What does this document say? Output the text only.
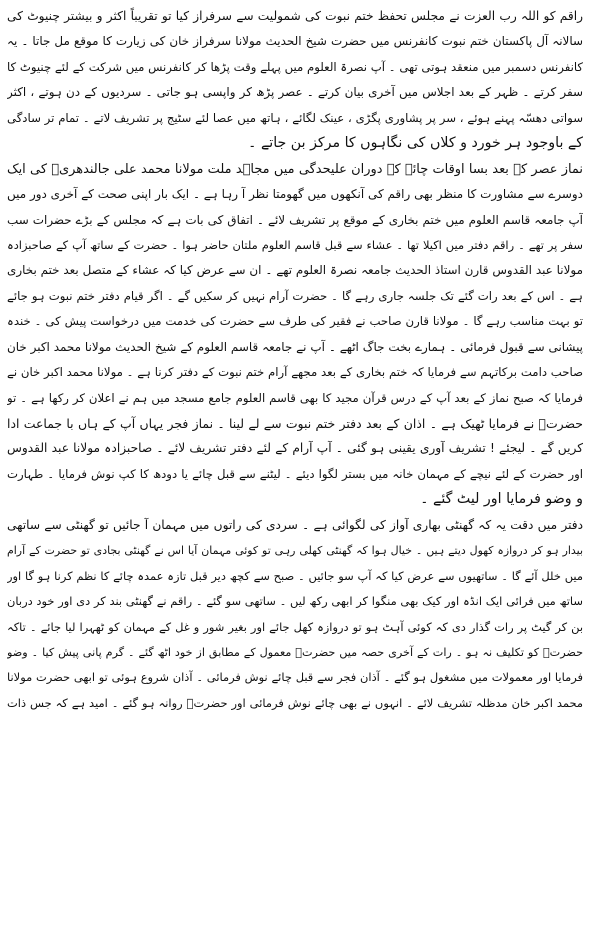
راقم کو اللہ رب العزت نے مجلس تحفظ ختم نبوت کی شمولیت سے سرفراز کیا تو تقریباً اکثر و بیشتر چنیوٹ کی
سالانہ آل پاکستان ختم نبوت کانفرنس میں حضرت شیخ الحدیث مولانا سرفراز خان کی زیارت کا موقع مل جاتا ۔ یہ
کانفرنس دسمبر میں منعقد ہوتی تھی ۔ آپ نصرۃ العلوم میں پہلے وقت پڑھا کر کانفرنس میں شرکت کے لئے چنیوٹ کا
سفر کرتے ۔ ظہر کے بعد اجلاس میں آخری بیان کرتے ۔ عصر پڑھ کر واپسی ہو جاتی ۔ سردیوں کے دن ہوتے ، اکثر
سواتی دھسّہ پہنے ہوئے ، سر پر پشاوری پگڑی ، عینک لگائے ، ہاتھ میں عصا لئے سٹیج پر تشریف لاتے ۔ تمام تر سادگی
کے باوجود ہر خورد و کلاں کی نگاہوں کا مرکز بن جاتے ۔
نماز عصر کے بعد بسا اوقات چائے کے دوران علیحدگی میں مجاہد ملت مولانا محمد علی جالندھریؒ کی ایک
دوسرے سے مشاورت کا منظر بھی راقم کی آنکھوں میں گھومتا نظر آ رہا ہے ۔ ایک بار اپنی صحت کے آخری دور میں
آپ جامعہ قاسم العلوم میں ختم بخاری کے موقع پر تشریف لائے ۔ اتفاق کی بات ہے کہ مجلس کے بڑے حضرات سب
سفر پر تھے ۔ راقم دفتر میں اکیلا تھا ۔ عشاء سے قبل قاسم العلوم ملتان حاضر ہوا ۔ حضرت کے ساتھ آپ کے صاحبزادہ
مولانا عبد القدوس قارن استاذ الحدیث جامعہ نصرۃ العلوم تھے ۔ ان سے عرض کیا کہ عشاء کے متصل بعد ختم بخاری
ہے ۔ اس کے بعد رات گئے تک جلسہ جاری رہے گا ۔ حضرت آرام نہیں کر سکیں گے ۔ اگر قیام دفتر ختم نبوت ہو جائے
تو بہت مناسب رہے گا ۔ مولانا قارن صاحب نے فقیر کی طرف سے حضرت کی خدمت میں درخواست پیش کی ۔ خندہ
پیشانی سے قبول فرمائی ۔ ہمارے بخت جاگ اٹھے ۔ آپ نے جامعہ قاسم العلوم کے شیخ الحدیث مولانا محمد اکبر خان
صاحب دامت برکاتہم سے فرمایا کہ ختم بخاری کے بعد مجھے آرام ختم نبوت کے دفتر کرنا ہے ۔ مولانا محمد اکبر خان نے
فرمایا کہ صبح نماز کے بعد آپ کے درس قرآن مجید کا بھی قاسم العلوم جامع مسجد میں ہم نے اعلان کر رکھا ہے ۔ تو
حضرتؒ نے فرمایا ٹھیک ہے ۔ اذان کے بعد دفتر ختم نبوت سے لے لینا ۔ نماز فجر یہاں آپ کے ہاں با جماعت ادا
کریں گے ۔ لیجئے ! تشریف آوری یقینی ہو گئی ۔ آپ آرام کے لئے دفتر تشریف لائے ۔ صاحبزادہ مولانا عبد القدوس
اور حضرت کے لئے نیچے کے مہمان خانہ میں بستر لگوا دیئے ۔ لیٹنے سے قبل چائے یا دودھ کا کپ نوش فرمایا ۔ طہارت
و وضو فرمایا اور لیٹ گئے ۔
دفتر میں دقت یہ کہ گھنٹی بھاری آواز کی لگوائی ہے ۔ سردی کی راتوں میں مہمان آ جائیں تو گھنٹی سے ساتھی
بیدار ہو کر دروازہ کھول دیتے ہیں ۔ خیال ہوا کہ گھنٹی کھلی رہی تو کوئی مہمان آیا اس نے گھنٹی بجادی تو حضرت کے آرام
میں خلل آئے گا ۔ ساتھیوں سے عرض کیا کہ آپ سو جائیں ۔ صبح سے کچھ دیر قبل تازہ عمدہ چائے کا نظم کرنا ہو گا اور
ساتھ میں فرائی ایک انڈہ اور کیک بھی منگوا کر ابھی رکھ لیں ۔ ساتھی سو گئے ۔ راقم نے گھنٹی بند کر دی اور خود دربان
بن کر گیٹ پر رات گذار دی کہ کوئی آہٹ ہو تو دروازہ کھل جائے اور بغیر شور و غل کے مہمان کو ٹھہرا لیا جائے ۔ تاکہ
حضرتؒ کو تکلیف نہ ہو ۔ رات کے آخری حصہ میں حضرتؒ معمول کے مطابق از خود اٹھ گئے ۔ گرم پانی پیش کیا ۔ وضو
فرمایا اور معمولات میں مشغول ہو گئے ۔ آذان فجر سے قبل چائے نوش فرمائی ۔ آذان شروع ہوئی تو ابھی حضرت مولانا
محمد اکبر خان مدظلہ تشریف لائے ۔ انہوں نے بھی چائے نوش فرمائی اور حضرتؒ روانہ ہو گئے ۔ امید ہے کہ جس ذات
